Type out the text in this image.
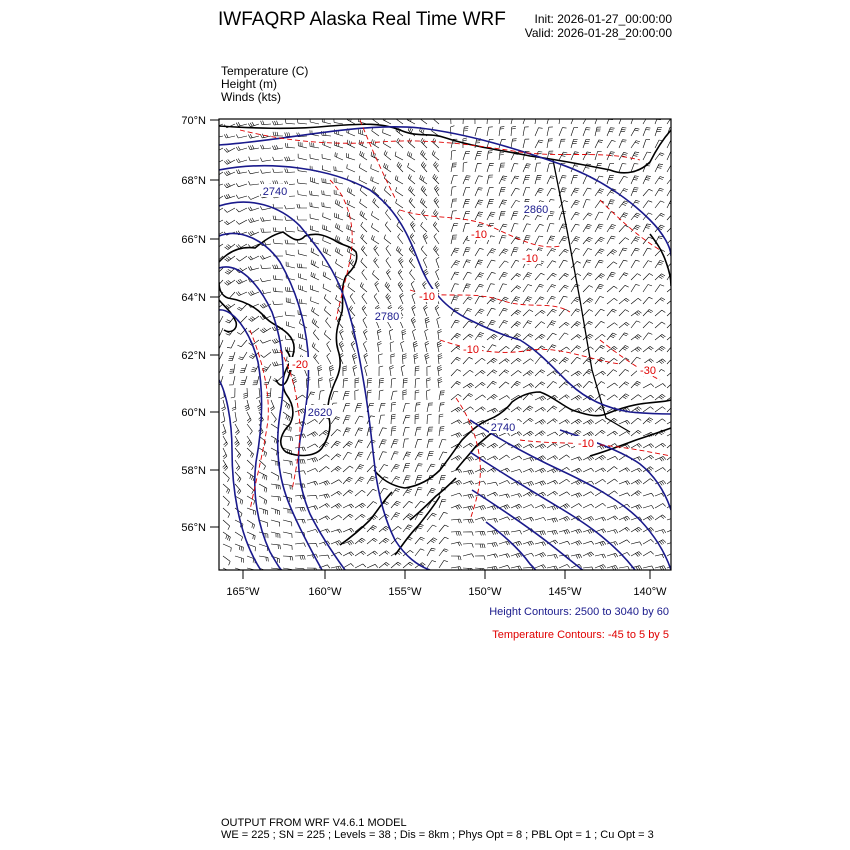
IWFAQRP Alaska Real Time WRF Init: 2026-01-27_00:00:00
Valid: 2026-01-28_20:00:00
Temperature (C)
Height (m)
Winds (kts)
70°N
68°N
66°N
64°N
62°N
60°N
58°N
56°N
165°W	160°W	155°W	150°W	145°W	140°W
2740
2860
2780
2620
2740
-10
-10
-10
-20
-10
-30
-10
Height Contours: 2500 to 3040 by 60
Temperature Contours: -45 to 5 by 5
OUTPUT FROM WRF V4.6.1 MODEL
WE = 225 ; SN = 225 ; Levels = 38 ; Dis = 8km ; Phys Opt = 8 ; PBL Opt = 1 ; Cu Opt = 3
